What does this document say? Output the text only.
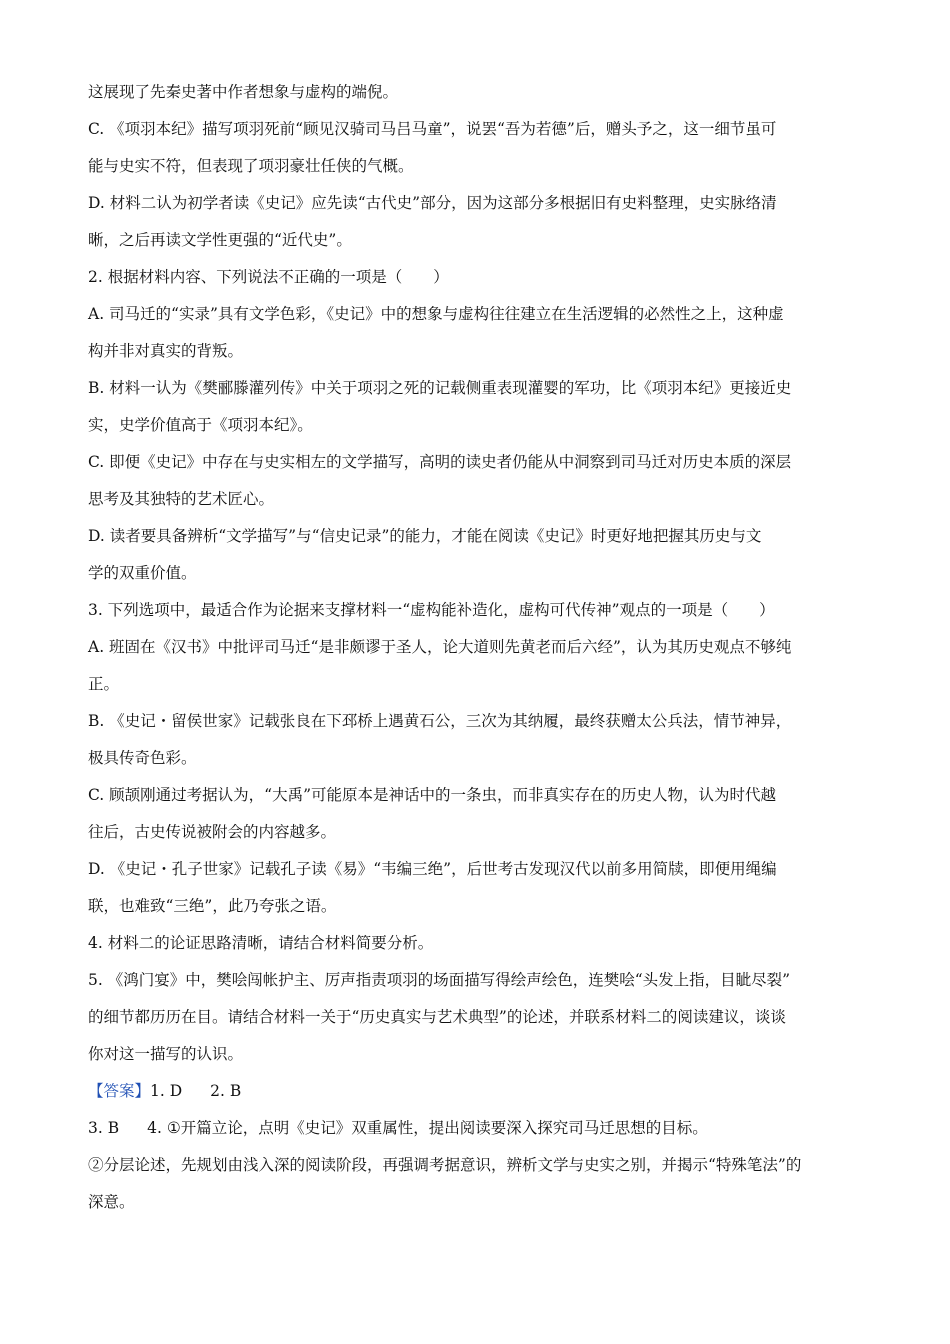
这展现了先秦史著中作者想象与虚构的端倪。
C. 《项羽本纪》描写项羽死前“顾见汉骑司马吕马童”，说罢“吾为若德”后，赠头予之，这一细节虽可
能与史实不符，但表现了项羽豪壮任侠的气概。
D. 材料二认为初学者读《史记》应先读“古代史”部分，因为这部分多根据旧有史料整理，史实脉络清
晰，之后再读文学性更强的“近代史”。
2. 根据材料内容、下列说法不正确的一项是（　　）
A. 司马迁的“实录”具有文学色彩，《史记》中的想象与虚构往往建立在生活逻辑的必然性之上，这种虚
构并非对真实的背叛。
B. 材料一认为《樊郦滕灌列传》中关于项羽之死的记载侧重表现灌婴的军功，比《项羽本纪》更接近史
实，史学价值高于《项羽本纪》。
C. 即便《史记》中存在与史实相左的文学描写，高明的读史者仍能从中洞察到司马迁对历史本质的深层
思考及其独特的艺术匠心。
D. 读者要具备辨析“文学描写”与“信史记录”的能力，才能在阅读《史记》时更好地把握其历史与文
学的双重价值。
3. 下列选项中，最适合作为论据来支撑材料一“虚构能补造化，虚构可代传神”观点的一项是（　　）
A. 班固在《汉书》中批评司马迁“是非颇谬于圣人，论大道则先黄老而后六经”，认为其历史观点不够纯
正。
B. 《史记・留侯世家》记载张良在下邳桥上遇黄石公，三次为其纳履，最终获赠太公兵法，情节神异，
极具传奇色彩。
C. 顾颉刚通过考据认为，“大禹”可能原本是神话中的一条虫，而非真实存在的历史人物，认为时代越
往后，古史传说被附会的内容越多。
D. 《史记・孔子世家》记载孔子读《易》“韦编三绝”，后世考古发现汉代以前多用简牍，即便用绳编
联，也难致“三绝”，此乃夸张之语。
4. 材料二的论证思路清晰，请结合材料简要分析。
5. 《鸿门宴》中，樊哙闯帐护主、厉声指责项羽的场面描写得绘声绘色，连樊哙“头发上指，目眦尽裂”
的细节都历历在目。请结合材料一关于“历史真实与艺术典型”的论述，并联系材料二的阅读建议，谈谈
你对这一描写的认识。
【答案】1. D 2. B
3. B 4. ①开篇立论，点明《史记》双重属性，提出阅读要深入探究司马迁思想的目标。
②分层论述，先规划由浅入深的阅读阶段，再强调考据意识，辨析文学与史实之别，并揭示“特殊笔法”的
深意。
